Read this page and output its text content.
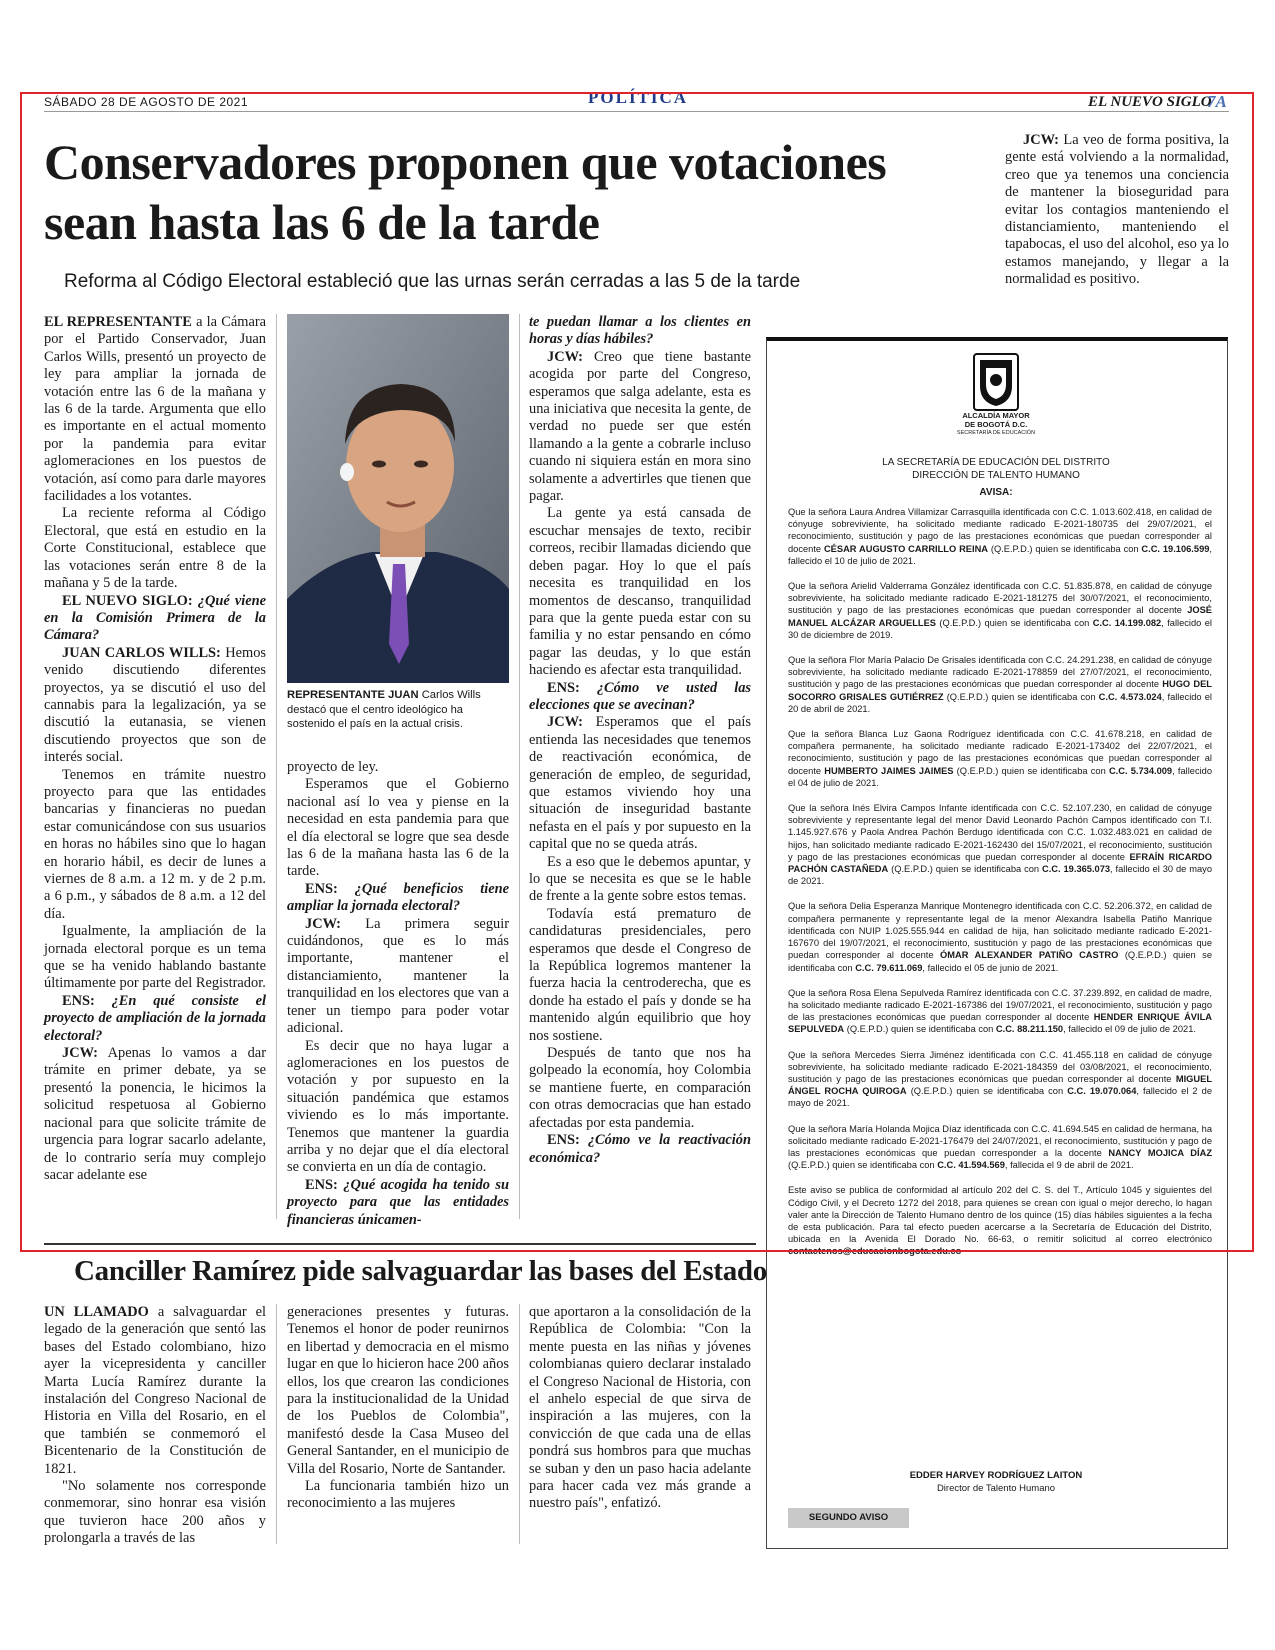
SÁBADO 28 DE AGOSTO DE 2021	POLÍTICA	EL NUEVO SIGLO
7A
Conservadores proponen que votaciones sean hasta las 6 de la tarde
Reforma al Código Electoral estableció que las urnas serán cerradas a las 5 de la tarde

EL REPRESENTANTE a la Cámara por el Partido Conservador, Juan Carlos Wills, presentó un proyecto de ley para ampliar la jornada de votación entre las 6 de la mañana y las 6 de la tarde. Argumenta que ello es importante en el actual momento por la pandemia para evitar aglomeraciones en los puestos de votación, así como para darle mayores facilidades a los votantes.

La reciente reforma al Código Electoral, que está en estudio en la Corte Constitucional, establece que las votaciones serán entre 8 de la mañana y 5 de la tarde.

EL NUEVO SIGLO: ¿Qué viene en la Comisión Primera de la Cámara?

JUAN CARLOS WILLS: Hemos venido discutiendo diferentes proyectos, ya se discutió el uso del cannabis para la legalización, ya se discutió la eutanasia, se vienen discutiendo proyectos que son de interés social.

Tenemos en trámite nuestro proyecto para que las entidades bancarias y financieras no puedan estar comunicándose con sus usuarios en horas no hábiles sino que lo hagan en horario hábil, es decir de lunes a viernes de 8 a.m. a 12 m. y de 2 p.m. a 6 p.m., y sábados de 8 a.m. a 12 del día.

Igualmente, la ampliación de la jornada electoral porque es un tema que se ha venido hablando bastante últimamente por parte del Registrador.

ENS: ¿En qué consiste el proyecto de ampliación de la jornada electoral?

JCW: Apenas lo vamos a dar trámite en primer debate, ya se presentó la ponencia, le hicimos la solicitud respetuosa al Gobierno nacional para que solicite trámite de urgencia para lograr sacarlo adelante, de lo contrario sería muy complejo sacar adelante ese

REPRESENTANTE JUAN Carlos Wills destacó que el centro ideológico ha sostenido el país en la actual crisis.

proyecto de ley.

Esperamos que el Gobierno nacional así lo vea y piense en la necesidad en esta pandemia para que el día electoral se logre que sea desde las 6 de la mañana hasta las 6 de la tarde.

ENS: ¿Qué beneficios tiene ampliar la jornada electoral?

JCW: La primera seguir cuidándonos, que es lo más importante, mantener el distanciamiento, mantener la tranquilidad en los electores que van a tener un tiempo para poder votar adicional.

Es decir que no haya lugar a aglomeraciones en los puestos de votación y por supuesto en la situación pandémica que estamos viviendo es lo más importante. Tenemos que mantener la guardia arriba y no dejar que el día electoral se convierta en un día de contagio.

ENS: ¿Qué acogida ha tenido su proyecto para que las entidades financieras únicamen-

te puedan llamar a los clientes en horas y días hábiles?

JCW: Creo que tiene bastante acogida por parte del Congreso, esperamos que salga adelante, esta es una iniciativa que necesita la gente, de verdad no puede ser que estén llamando a la gente a cobrarle incluso cuando ni siquiera están en mora sino solamente a advertirles que tienen que pagar.

La gente ya está cansada de escuchar mensajes de texto, recibir correos, recibir llamadas diciendo que deben pagar. Hoy lo que el país necesita es tranquilidad en los momentos de descanso, tranquilidad para que la gente pueda estar con su familia y no estar pensando en cómo pagar las deudas, y lo que están haciendo es afectar esta tranquilidad.

ENS: ¿Cómo ve usted las elecciones que se avecinan?

JCW: Esperamos que el país entienda las necesidades que tenemos de reactivación económica, de generación de empleo, de seguridad, que estamos viviendo hoy una situación de inseguridad bastante nefasta en el país y por supuesto en la capital que no se queda atrás.

Es a eso que le debemos apuntar, y lo que se necesita es que se le hable de frente a la gente sobre estos temas.

Todavía está prematuro de candidaturas presidenciales, pero esperamos que desde el Congreso de la República logremos mantener la fuerza hacia la centroderecha, que es donde ha estado el país y donde se ha mantenido algún equilibrio que hoy nos sostiene.

Después de tanto que nos ha golpeado la economía, hoy Colombia se mantiene fuerte, en comparación con otras democracias que han estado afectadas por esta pandemia.

ENS: ¿Cómo ve la reactivación económica?

JCW: La veo de forma positiva, la gente está volviendo a la normalidad, creo que ya tenemos una conciencia de mantener la bioseguridad para evitar los contagios manteniendo el distanciamiento, manteniendo el tapabocas, el uso del alcohol, eso ya lo estamos manejando, y llegar a la normalidad es positivo.

ALCALDÍA MAYOR
DE BOGOTÁ D.C.
SECRETARÍA DE EDUCACIÓN
LA SECRETARÍA DE EDUCACIÓN DEL DISTRITO
DIRECCIÓN DE TALENTO HUMANO
AVISA:

Que la señora Laura Andrea Villamizar Carrasquilla identificada con C.C. 1.013.602.418, en calidad de cónyuge sobreviviente, ha solicitado mediante radicado E-2021-180735 del 29/07/2021, el reconocimiento, sustitución y pago de las prestaciones económicas que puedan corresponder al docente CÉSAR AUGUSTO CARRILLO REINA (Q.E.P.D.) quien se identificaba con C.C. 19.106.599, fallecido el 10 de julio de 2021.

Que la señora Arielid Valderrama González identificada con C.C. 51.835.878, en calidad de cónyuge sobreviviente, ha solicitado mediante radicado E-2021-181275 del 30/07/2021, el reconocimiento, sustitución y pago de las prestaciones económicas que puedan corresponder al docente JOSÉ MANUEL ALCÁZAR ARGUELLES (Q.E.P.D.) quien se identificaba con C.C. 14.199.082, fallecido el 30 de diciembre de 2019.

Que la señora Flor María Palacio De Grisales identificada con C.C. 24.291.238, en calidad de cónyuge sobreviviente, ha solicitado mediante radicado E-2021-178859 del 27/07/2021, el reconocimiento, sustitución y pago de las prestaciones económicas que puedan corresponder al docente HUGO DEL SOCORRO GRISALES GUTIÉRREZ (Q.E.P.D.) quien se identificaba con C.C. 4.573.024, fallecido el 20 de abril de 2021.

Que la señora Blanca Luz Gaona Rodríguez identificada con C.C. 41.678.218, en calidad de compañera permanente, ha solicitado mediante radicado E-2021-173402 del 22/07/2021, el reconocimiento, sustitución y pago de las prestaciones económicas que puedan corresponder al docente HUMBERTO JAIMES JAIMES (Q.E.P.D.) quien se identificaba con C.C. 5.734.009, fallecido el 04 de julio de 2021.

Que la señora Inés Elvira Campos Infante identificada con C.C. 52.107.230, en calidad de cónyuge sobreviviente y representante legal del menor David Leonardo Pachón Campos identificado con T.I. 1.145.927.676 y Paola Andrea Pachón Berdugo identificada con C.C. 1.032.483.021 en calidad de hijos, han solicitado mediante radicado E-2021-162430 del 15/07/2021, el reconocimiento, sustitución y pago de las prestaciones económicas que puedan corresponder al docente EFRAÍN RICARDO PACHÓN CASTAÑEDA (Q.E.P.D.) quien se identificaba con C.C. 19.365.073, fallecido el 30 de mayo de 2021.

Que la señora Delia Esperanza Manrique Montenegro identificada con C.C. 52.206.372, en calidad de compañera permanente y representante legal de la menor Alexandra Isabella Patiño Manrique identificada con NUIP 1.025.555.944 en calidad de hija, han solicitado mediante radicado E-2021-167670 del 19/07/2021, el reconocimiento, sustitución y pago de las prestaciones económicas que puedan corresponder al docente ÓMAR ALEXANDER PATIÑO CASTRO (Q.E.P.D.) quien se identificaba con C.C. 79.611.069, fallecido el 05 de junio de 2021.

Que la señora Rosa Elena Sepulveda Ramírez identificada con C.C. 37.239.892, en calidad de madre, ha solicitado mediante radicado E-2021-167386 del 19/07/2021, el reconocimiento, sustitución y pago de las prestaciones económicas que puedan corresponder al docente HENDER ENRIQUE ÁVILA SEPULVEDA (Q.E.P.D.) quien se identificaba con C.C. 88.211.150, fallecido el 09 de julio de 2021.

Que la señora Mercedes Sierra Jiménez identificada con C.C. 41.455.118 en calidad de cónyuge sobreviviente, ha solicitado mediante radicado E-2021-184359 del 03/08/2021, el reconocimiento, sustitución y pago de las prestaciones económicas que puedan corresponder al docente MIGUEL ÁNGEL ROCHA QUIROGA (Q.E.P.D.) quien se identificaba con C.C. 19.070.064, fallecido el 2 de mayo de 2021.

Que la señora María Holanda Mojica Díaz identificada con C.C. 41.694.545 en calidad de hermana, ha solicitado mediante radicado E-2021-176479 del 24/07/2021, el reconocimiento, sustitución y pago de las prestaciones económicas que puedan corresponder a la docente NANCY MOJICA DÍAZ (Q.E.P.D.) quien se identificaba con C.C. 41.594.569, fallecida el 9 de abril de 2021.

Este aviso se publica de conformidad al artículo 202 del C. S. del T., Artículo 1045 y siguientes del Código Civil, y el Decreto 1272 del 2018, para quienes se crean con igual o mejor derecho, lo hagan valer ante la Dirección de Talento Humano dentro de los quince (15) días hábiles siguientes a la fecha de esta publicación. Para tal efecto pueden acercarse a la Secretaría de Educación del Distrito, ubicada en la Avenida El Dorado No. 66-63, o remitir solicitud al correo electrónico contactenos@educacionbogota.edu.co

EDDER HARVEY RODRÍGUEZ LAITON
Director de Talento Humano
SEGUNDO AVISO
Canciller Ramírez pide salvaguardar las bases del Estado

UN LLAMADO a salvaguardar el legado de la generación que sentó las bases del Estado colombiano, hizo ayer la vicepresidenta y canciller Marta Lucía Ramírez durante la instalación del Congreso Nacional de Historia en Villa del Rosario, en el que también se conmemoró el Bicentenario de la Constitución de 1821.

"No solamente nos corresponde conmemorar, sino honrar esa visión que tuvieron hace 200 años y prolongarla a través de las

generaciones presentes y futuras. Tenemos el honor de poder reunirnos en libertad y democracia en el mismo lugar en que lo hicieron hace 200 años ellos, los que crearon las condiciones para la institucionalidad de la Unidad de los Pueblos de Colombia", manifestó desde la Casa Museo del General Santander, en el municipio de Villa del Rosario, Norte de Santander.

La funcionaria también hizo un reconocimiento a las mujeres

que aportaron a la consolidación de la República de Colombia: "Con la mente puesta en las niñas y jóvenes colombianas quiero declarar instalado el Congreso Nacional de Historia, con el anhelo especial de que sirva de inspiración a las mujeres, con la convicción de que cada una de ellas pondrá sus hombros para que muchas se suban y den un paso hacia adelante para hacer cada vez más grande a nuestro país", enfatizó.
